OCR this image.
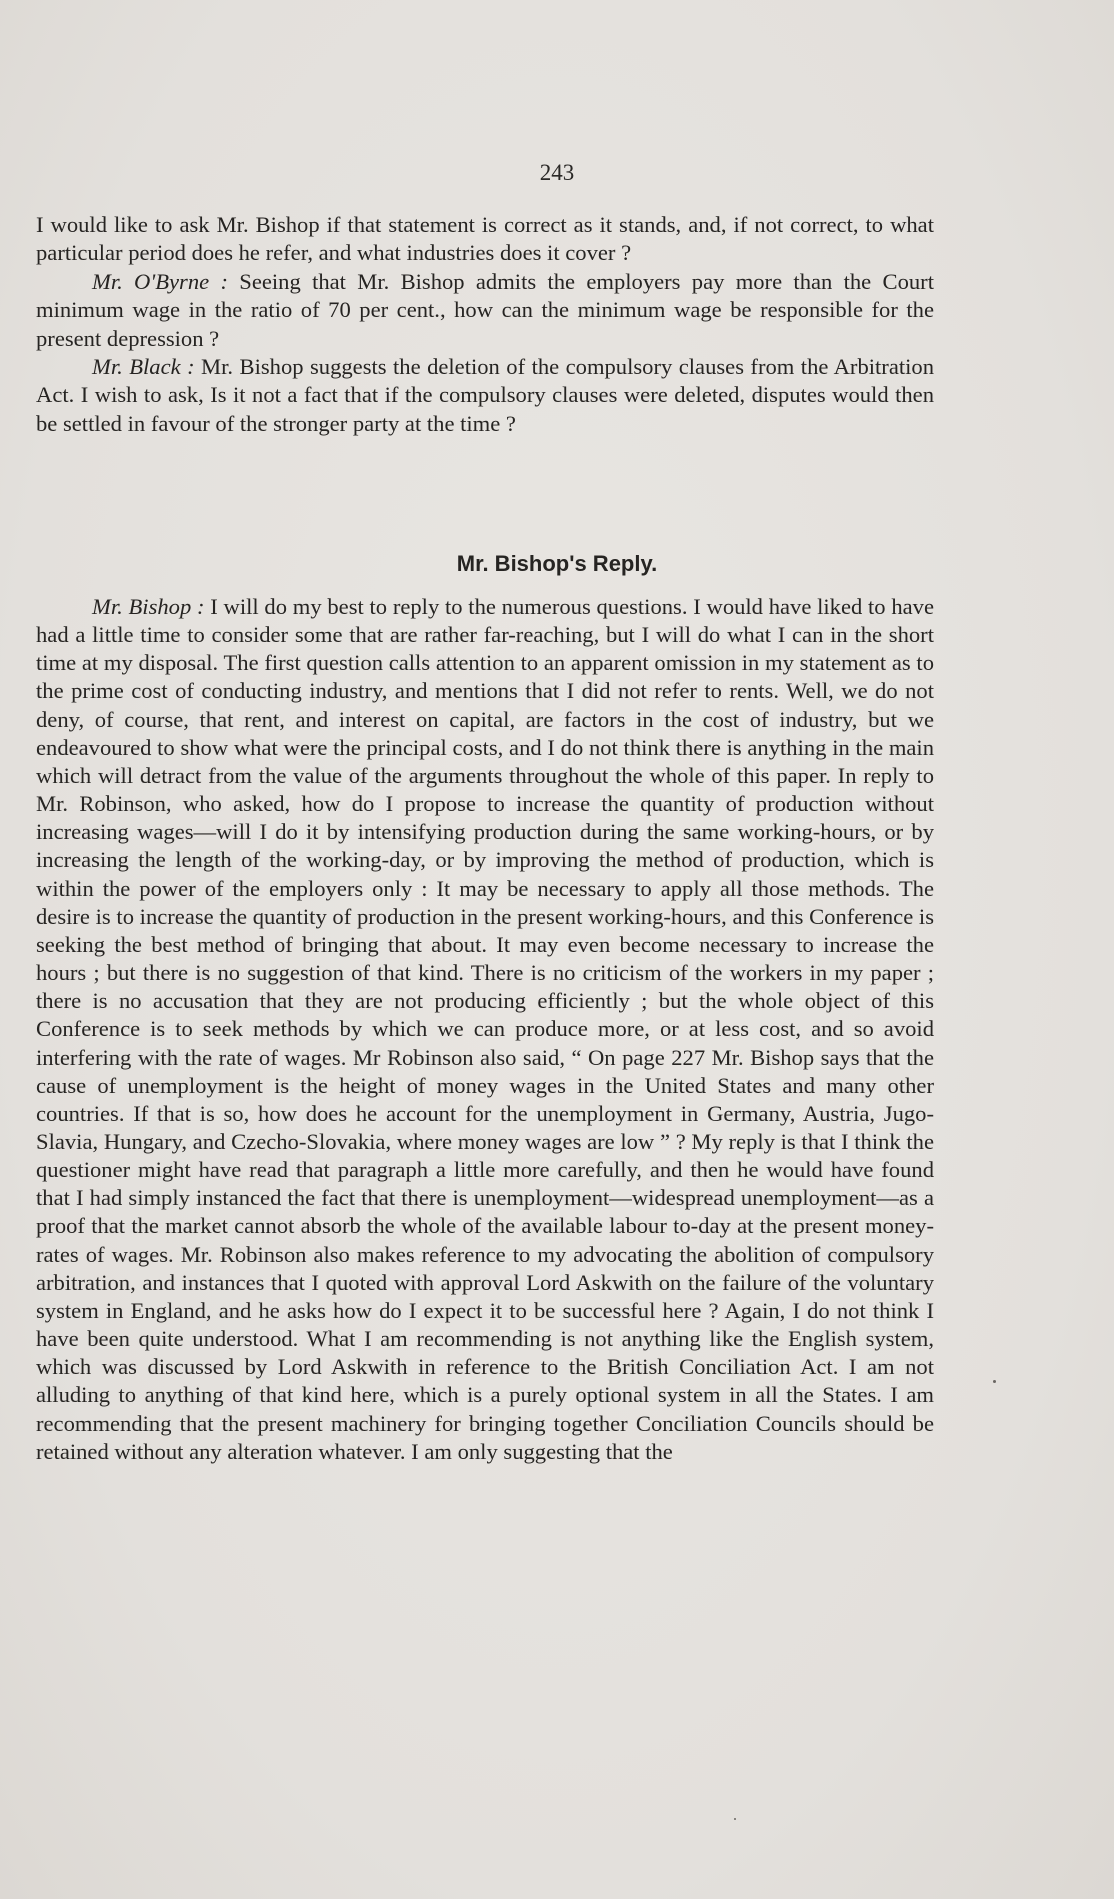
243

I would like to ask Mr. Bishop if that statement is correct as it stands, and, if not correct, to what particular period does he refer, and what industries does it cover ?

Mr. O'Byrne : Seeing that Mr. Bishop admits the employers pay more than the Court minimum wage in the ratio of 70 per cent., how can the minimum wage be responsible for the present depression ?

Mr. Black : Mr. Bishop suggests the deletion of the compulsory clauses from the Arbitration Act. I wish to ask, Is it not a fact that if the compulsory clauses were deleted, disputes would then be settled in favour of the stronger party at the time ?

Mr. Bishop's Reply.

Mr. Bishop : I will do my best to reply to the numerous questions. I would have liked to have had a little time to consider some that are rather far-reaching, but I will do what I can in the short time at my disposal. The first question calls attention to an apparent omission in my statement as to the prime cost of conducting industry, and mentions that I did not refer to rents. Well, we do not deny, of course, that rent, and interest on capital, are factors in the cost of industry, but we endeavoured to show what were the principal costs, and I do not think there is anything in the main which will detract from the value of the arguments throughout the whole of this paper. In reply to Mr. Robinson, who asked, how do I propose to increase the quantity of production without increasing wages—will I do it by intensifying production during the same working-hours, or by increasing the length of the working-day, or by improving the method of production, which is within the power of the employers only : It may be necessary to apply all those methods. The desire is to increase the quantity of production in the present working-hours, and this Conference is seeking the best method of bringing that about. It may even become necessary to increase the hours ; but there is no suggestion of that kind. There is no criticism of the workers in my paper ; there is no accusation that they are not producing efficiently ; but the whole object of this Conference is to seek methods by which we can produce more, or at less cost, and so avoid interfering with the rate of wages. Mr Robinson also said, “ On page 227 Mr. Bishop says that the cause of unemployment is the height of money wages in the United States and many other countries. If that is so, how does he account for the unemployment in Germany, Austria, Jugo-Slavia, Hungary, and Czecho-Slovakia, where money wages are low ” ? My reply is that I think the questioner might have read that paragraph a little more carefully, and then he would have found that I had simply instanced the fact that there is unemployment—widespread unemployment—as a proof that the market cannot absorb the whole of the available labour to-day at the present money-rates of wages. Mr. Robinson also makes reference to my advocating the abolition of compulsory arbitration, and instances that I quoted with approval Lord Askwith on the failure of the voluntary system in England, and he asks how do I expect it to be successful here ? Again, I do not think I have been quite understood. What I am recommending is not anything like the English system, which was discussed by Lord Askwith in reference to the British Conciliation Act. I am not alluding to anything of that kind here, which is a purely optional system in all the States. I am recommending that the present machinery for bringing together Conciliation Councils should be retained without any alteration whatever. I am only suggesting that the
